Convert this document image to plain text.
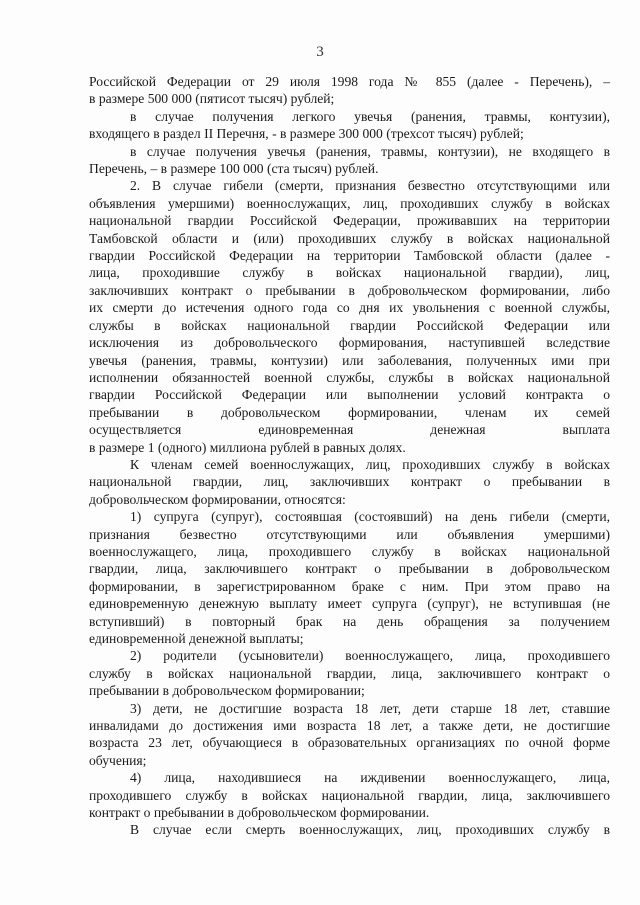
3
Российской Федерации от 29 июля 1998 года № 855 (далее - Перечень), –
в размере 500 000 (пятисот тысяч) рублей;
в случае получения легкого увечья (ранения, травмы, контузии),
входящего в раздел II Перечня, - в размере 300 000 (трехсот тысяч) рублей;
в случае получения увечья (ранения, травмы, контузии), не входящего в
Перечень, – в размере 100 000 (ста тысяч) рублей.
2. В случае гибели (смерти, признания безвестно отсутствующими или
объявления умершими) военнослужащих, лиц, проходивших службу в войсках
национальной гвардии Российской Федерации, проживавших на территории
Тамбовской области и (или) проходивших службу в войсках национальной
гвардии Российской Федерации на территории Тамбовской области (далее -
лица, проходившие службу в войсках национальной гвардии), лиц,
заключивших контракт о пребывании в добровольческом формировании, либо
их смерти до истечения одного года со дня их увольнения с военной службы,
службы в войсках национальной гвардии Российской Федерации или
исключения из добровольческого формирования, наступившей вследствие
увечья (ранения, травмы, контузии) или заболевания, полученных ими при
исполнении обязанностей военной службы, службы в войсках национальной
гвардии Российской Федерации или выполнении условий контракта о
пребывании в добровольческом формировании, членам их семей
осуществляется единовременная денежная выплата
в размере 1 (одного) миллиона рублей в равных долях.
К членам семей военнослужащих, лиц, проходивших службу в войсках
национальной гвардии, лиц, заключивших контракт о пребывании в
добровольческом формировании, относятся:
1) супруга (супруг), состоявшая (состоявший) на день гибели (смерти,
признания безвестно отсутствующими или объявления умершими)
военнослужащего, лица, проходившего службу в войсках национальной
гвардии, лица, заключившего контракт о пребывании в добровольческом
формировании, в зарегистрированном браке с ним. При этом право на
единовременную денежную выплату имеет супруга (супруг), не вступившая (не
вступивший) в повторный брак на день обращения за получением
единовременной денежной выплаты;
2) родители (усыновители) военнослужащего, лица, проходившего
службу в войсках национальной гвардии, лица, заключившего контракт о
пребывании в добровольческом формировании;
3) дети, не достигшие возраста 18 лет, дети старше 18 лет, ставшие
инвалидами до достижения ими возраста 18 лет, а также дети, не достигшие
возраста 23 лет, обучающиеся в образовательных организациях по очной форме
обучения;
4) лица, находившиеся на иждивении военнослужащего, лица,
проходившего службу в войсках национальной гвардии, лица, заключившего
контракт о пребывании в добровольческом формировании.
В случае если смерть военнослужащих, лиц, проходивших службу в
